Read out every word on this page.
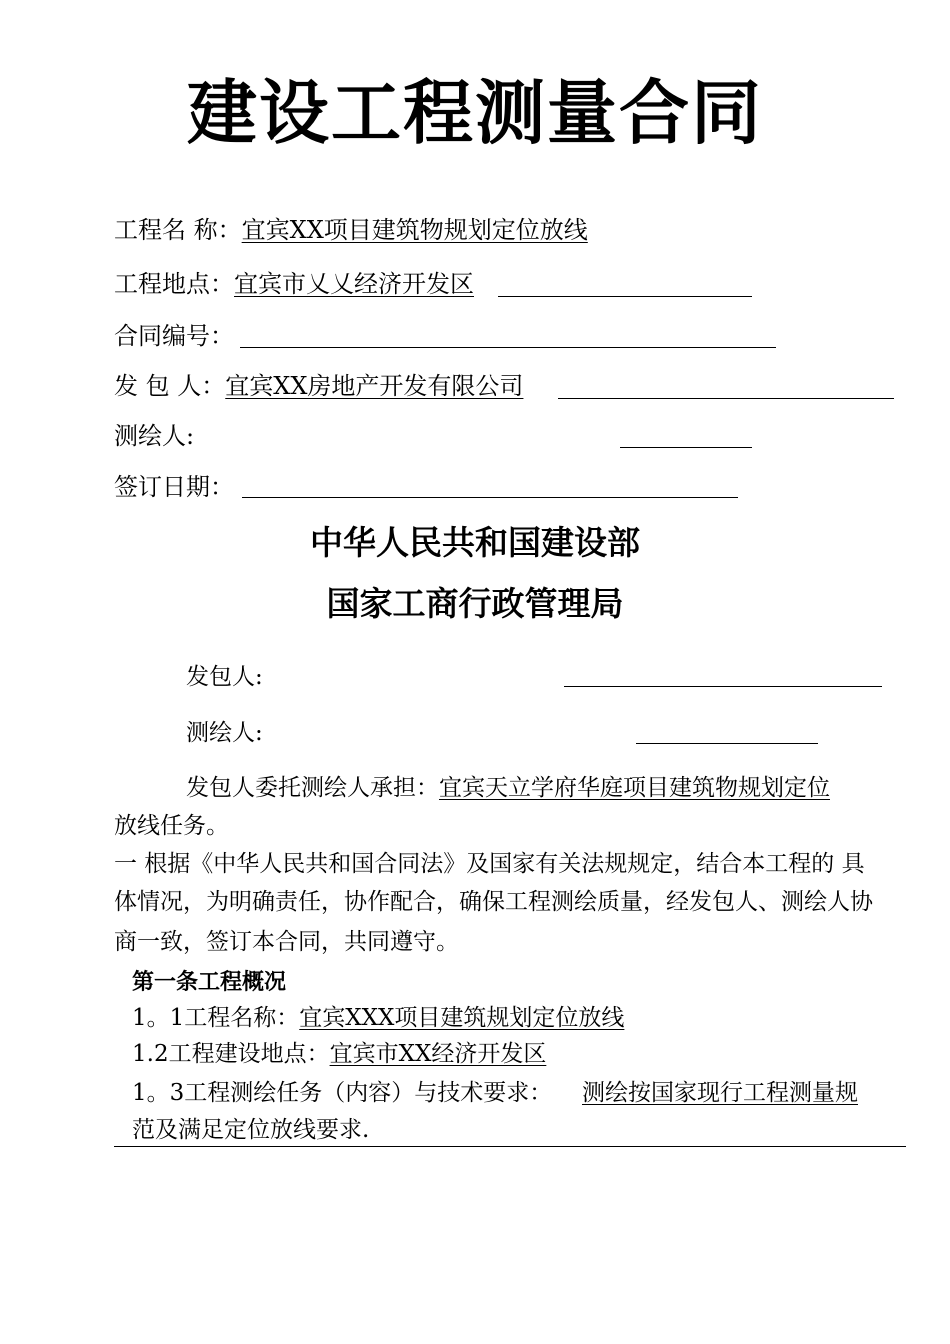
建设工程测量合同
工程名 称：宜宾XX项目建筑物规划定位放线
工程地点：宜宾市乂乂经济开发区
合同编号：
发 包 人：宜宾XX房地产开发有限公司
测绘人:
签订日期：
中华人民共和国建设部
国家工商行政管理局
发包人:
测绘人:
发包人委托测绘人承担：宜宾天立学府华庭项目建筑物规划定位
放线任务。
一 根据《中华人民共和国合同法》及国家有关法规规定，结合本工程的 具
体情况，为明确责任，协作配合，确保工程测绘质量，经发包人、测绘人协
商一致，签订本合同，共同遵守。
第一条工程概况
1。1工程名称：宜宾XXX项目建筑规划定位放线
1.2工程建设地点：宜宾市XX经济开发区
1。3工程测绘任务（内容）与技术要求： 测绘按国家现行工程测量规
范及满足定位放线要求.
